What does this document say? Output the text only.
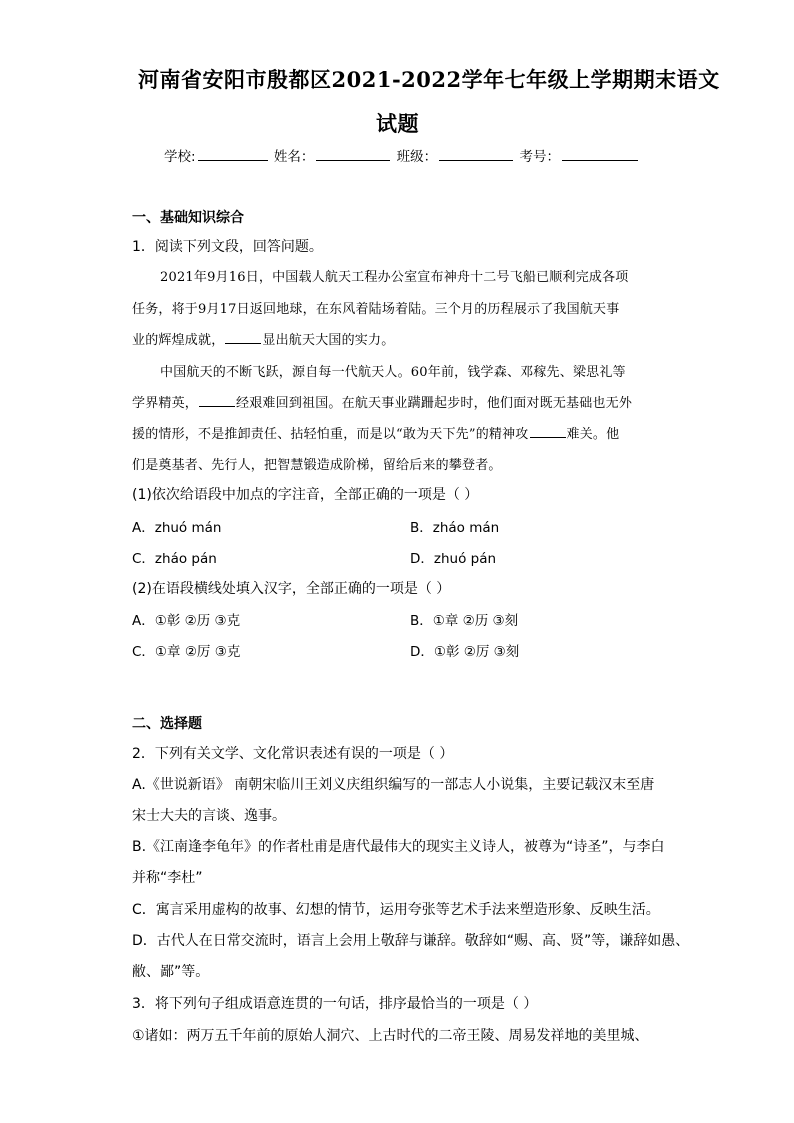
河南省安阳市殷都区2021-2022学年七年级上学期期末语文
试题
学校:	姓名：	班级：	考号：
一、基础知识综合
1．阅读下列文段，回答问题。
2021年9月16日，中国载人航天工程办公室宣布神舟十二号飞船已顺利完成各项
任务，将于9月17日返回地球，在东风着陆场着陆。三个月的历程展示了我国航天事
业的辉煌成就，	显出航天大国的实力。
中国航天的不断飞跃，源自每一代航天人。60年前，钱学森、邓稼先、梁思礼等
学界精英，	经艰难回到祖国。在航天事业蹒跚起步时，他们面对既无基础也无外
援的情形，不是推卸责任、拈轻怕重，而是以“敢为天下先”的精神攻	难关。他
们是奠基者、先行人，把智慧锻造成阶梯，留给后来的攀登者。
(1)依次给语段中加点的字注音，全部正确的一项是（ ）
A．zhuó mán	B．zháo mán
C．zháo pán	D．zhuó pán
(2)在语段横线处填入汉字，全部正确的一项是（ ）
A．①彰 ②历 ③克	B．①章 ②历 ③刻
C．①章 ②厉 ③克	D．①彰 ②厉 ③刻
二、选择题
2．下列有关文学、文化常识表述有误的一项是（ ）
A.《世说新语》 南朝宋临川王刘义庆组织编写的一部志人小说集，主要记载汉末至唐
宋士大夫的言谈、逸事。
B.《江南逢李龟年》的作者杜甫是唐代最伟大的现实主义诗人，被尊为“诗圣”，与李白
并称“李杜”
C．寓言采用虚构的故事、幻想的情节，运用夸张等艺术手法来塑造形象、反映生活。
D．古代人在日常交流时，语言上会用上敬辞与谦辞。敬辞如“赐、高、贤”等，谦辞如愚、
敝、鄙”等。
3．将下列句子组成语意连贯的一句话，排序最恰当的一项是（ ）
①诸如：两万五千年前的原始人洞穴、上古时代的二帝王陵、周易发祥地的美里城、
